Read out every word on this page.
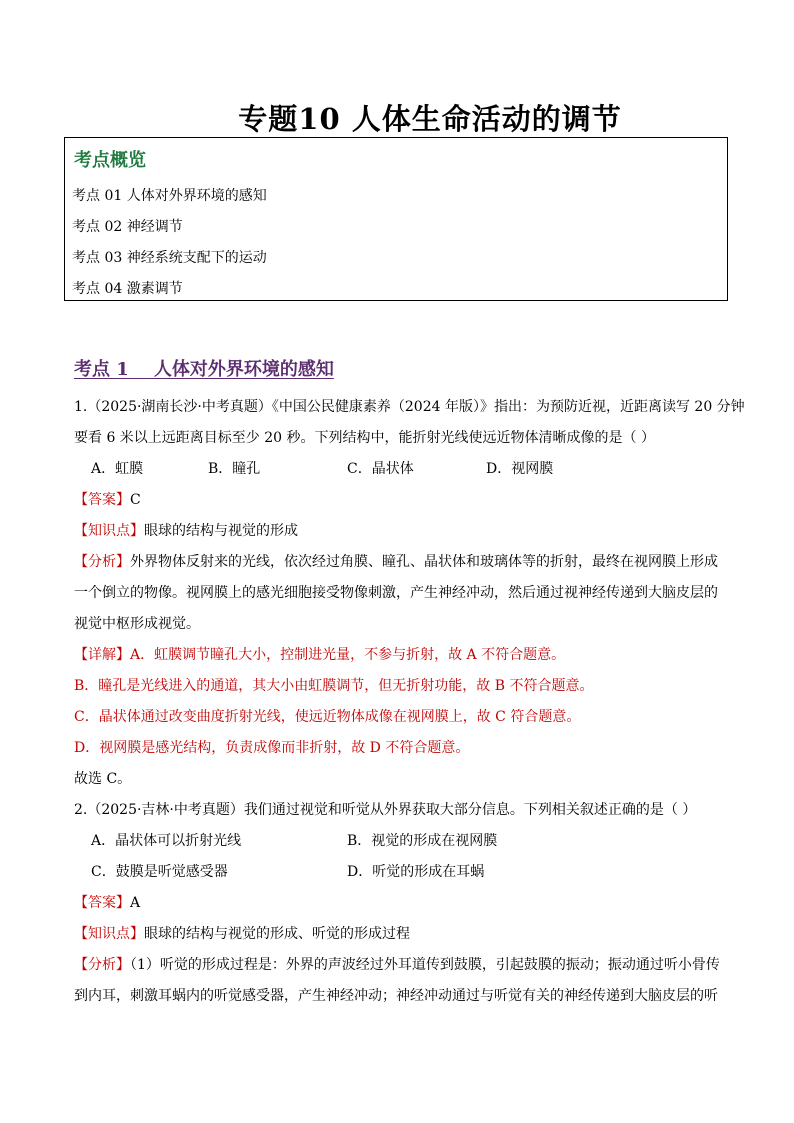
专题10 人体生命活动的调节
考点概览
考点 01 人体对外界环境的感知
考点 02 神经调节
考点 03 神经系统支配下的运动
考点 04 激素调节
考点 1    人体对外界环境的感知
1.（2025·湖南长沙·中考真题）《中国公民健康素养（2024 年版）》指出：为预防近视，近距离读写 20 分钟
要看 6 米以上远距离目标至少 20 秒。下列结构中，能折射光线使远近物体清晰成像的是（ ）
A．虹膜	B．瞳孔	C．晶状体	D．视网膜
【答案】C
【知识点】眼球的结构与视觉的形成
【分析】外界物体反射来的光线，依次经过角膜、瞳孔、晶状体和玻璃体等的折射，最终在视网膜上形成
一个倒立的物像。视网膜上的感光细胞接受物像刺激，产生神经冲动，然后通过视神经传递到大脑皮层的
视觉中枢形成视觉。
【详解】A．虹膜调节瞳孔大小，控制进光量，不参与折射，故 A 不符合题意。
B．瞳孔是光线进入的通道，其大小由虹膜调节，但无折射功能，故 B 不符合题意。
C．晶状体通过改变曲度折射光线，使远近物体成像在视网膜上，故 C 符合题意。
D．视网膜是感光结构，负责成像而非折射，故 D 不符合题意。
故选 C。
2.（2025·吉林·中考真题）我们通过视觉和听觉从外界获取大部分信息。下列相关叙述正确的是（ ）
A．晶状体可以折射光线	B．视觉的形成在视网膜
C．鼓膜是听觉感受器	D．听觉的形成在耳蜗
【答案】A
【知识点】眼球的结构与视觉的形成、听觉的形成过程
【分析】（1）听觉的形成过程是：外界的声波经过外耳道传到鼓膜，引起鼓膜的振动；振动通过听小骨传
到内耳，刺激耳蜗内的听觉感受器，产生神经冲动；神经冲动通过与听觉有关的神经传递到大脑皮层的听
